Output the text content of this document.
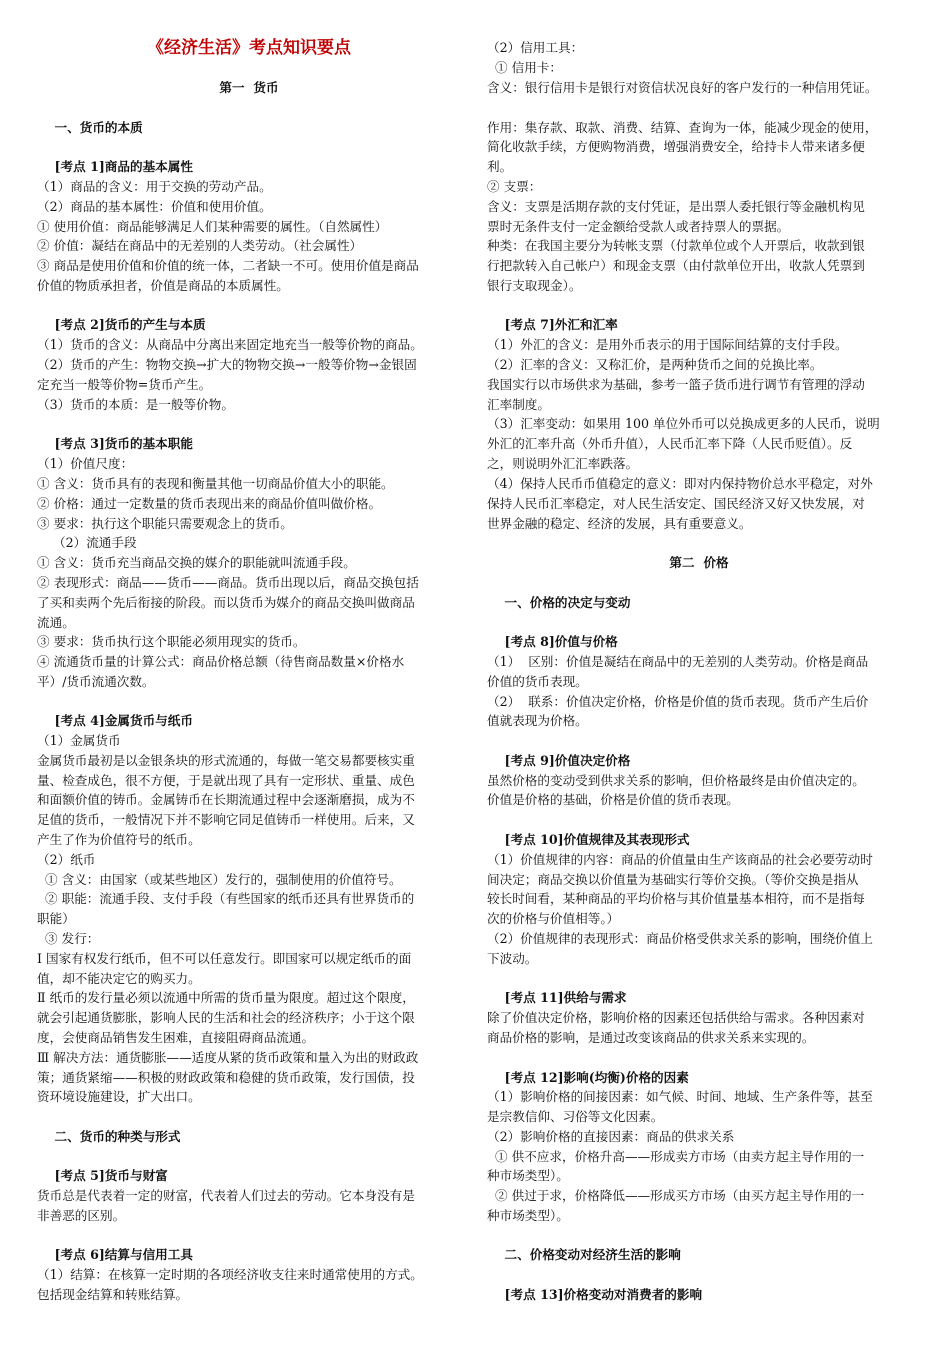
《经济生活》考点知识要点
第一  货币
一、货币的本质
[考点 1]商品的基本属性
（1）商品的含义：用于交换的劳动产品。
（2）商品的基本属性：价值和使用价值。
① 使用价值：商品能够满足人们某种需要的属性。（自然属性）
② 价值：凝结在商品中的无差别的人类劳动。（社会属性）
③ 商品是使用价值和价值的统一体，二者缺一不可。使用价值是商品
价值的物质承担者，价值是商品的本质属性。
[考点 2]货币的产生与本质
（1）货币的含义：从商品中分离出来固定地充当一般等价物的商品。
（2）货币的产生：物物交换→扩大的物物交换→一般等价物→金银固
定充当一般等价物=货币产生。
（3）货币的本质：是一般等价物。
[考点 3]货币的基本职能
（1）价值尺度：
① 含义：货币具有的表现和衡量其他一切商品价值大小的职能。
② 价格：通过一定数量的货币表现出来的商品价值叫做价格。
③ 要求：执行这个职能只需要观念上的货币。
（2）流通手段
① 含义：货币充当商品交换的媒介的职能就叫流通手段。
② 表现形式：商品——货币——商品。货币出现以后，商品交换包括
了买和卖两个先后衔接的阶段。而以货币为媒介的商品交换叫做商品
流通。
③ 要求：货币执行这个职能必须用现实的货币。
④ 流通货币量的计算公式：商品价格总额（待售商品数量×价格水
平）/货币流通次数。
[考点 4]金属货币与纸币
（1）金属货币
金属货币最初是以金银条块的形式流通的，每做一笔交易都要核实重
量、检查成色，很不方便，于是就出现了具有一定形状、重量、成色
和面额价值的铸币。金属铸币在长期流通过程中会逐渐磨损，成为不
足值的货币，一般情况下并不影响它同足值铸币一样使用。后来，又
产生了作为价值符号的纸币。
（2）纸币
① 含义：由国家（或某些地区）发行的，强制使用的价值符号。
② 职能：流通手段、支付手段（有些国家的纸币还具有世界货币的
职能）
③ 发行：
Ⅰ 国家有权发行纸币，但不可以任意发行。即国家可以规定纸币的面
值，却不能决定它的购买力。
Ⅱ 纸币的发行量必须以流通中所需的货币量为限度。超过这个限度，
就会引起通货膨胀，影响人民的生活和社会的经济秩序；小于这个限
度，会使商品销售发生困难，直接阻碍商品流通。
Ⅲ 解决方法：通货膨胀——适度从紧的货币政策和量入为出的财政政
策；通货紧缩——积极的财政政策和稳健的货币政策，发行国债，投
资环境设施建设，扩大出口。
二、货币的种类与形式
[考点 5]货币与财富
货币总是代表着一定的财富，代表着人们过去的劳动。它本身没有是
非善恶的区别。
[考点 6]结算与信用工具
（1）结算：在核算一定时期的各项经济收支往来时通常使用的方式。
包括现金结算和转账结算。
（2）信用工具：
① 信用卡：
含义：银行信用卡是银行对资信状况良好的客户发行的一种信用凭证。
作用：集存款、取款、消费、结算、查询为一体，能减少现金的使用，
简化收款手续，方便购物消费，增强消费安全，给持卡人带来诸多便
利。
② 支票：
含义：支票是活期存款的支付凭证，是出票人委托银行等金融机构见
票时无条件支付一定金额给受款人或者持票人的票据。
种类：在我国主要分为转帐支票（付款单位或个人开票后，收款到银
行把款转入自己帐户）和现金支票（由付款单位开出，收款人凭票到
银行支取现金）。
[考点 7]外汇和汇率
（1）外汇的含义：是用外币表示的用于国际间结算的支付手段。
（2）汇率的含义：又称汇价，是两种货币之间的兑换比率。
我国实行以市场供求为基础，参考一篮子货币进行调节有管理的浮动
汇率制度。
（3）汇率变动：如果用 100 单位外币可以兑换成更多的人民币，说明
外汇的汇率升高（外币升值），人民币汇率下降（人民币贬值）。反
之，则说明外汇汇率跌落。
（4）保持人民币币值稳定的意义：即对内保持物价总水平稳定，对外
保持人民币汇率稳定，对人民生活安定、国民经济又好又快发展，对
世界金融的稳定、经济的发展，具有重要意义。
第二  价格
一、价格的决定与变动
[考点 8]价值与价格
（1）  区别：价值是凝结在商品中的无差别的人类劳动。价格是商品
价值的货币表现。
（2）  联系：价值决定价格，价格是价值的货币表现。货币产生后价
值就表现为价格。
[考点 9]价值决定价格
虽然价格的变动受到供求关系的影响，但价格最终是由价值决定的。
价值是价格的基础，价格是价值的货币表现。
[考点 10]价值规律及其表现形式
（1）价值规律的内容：商品的价值量由生产该商品的社会必要劳动时
间决定；商品交换以价值量为基础实行等价交换。（等价交换是指从
较长时间看，某种商品的平均价格与其价值量基本相符，而不是指每
次的价格与价值相等。）
（2）价值规律的表现形式：商品价格受供求关系的影响，围绕价值上
下波动。
[考点 11]供给与需求
除了价值决定价格，影响价格的因素还包括供给与需求。各种因素对
商品价格的影响，是通过改变该商品的供求关系来实现的。
[考点 12]影响(均衡)价格的因素
（1）影响价格的间接因素：如气候、时间、地域、生产条件等，甚至
是宗教信仰、习俗等文化因素。
（2）影响价格的直接因素：商品的供求关系
① 供不应求，价格升高——形成卖方市场（由卖方起主导作用的一
种市场类型）。
② 供过于求，价格降低——形成买方市场（由买方起主导作用的一
种市场类型）。
二、价格变动对经济生活的影响
[考点 13]价格变动对消费者的影响
